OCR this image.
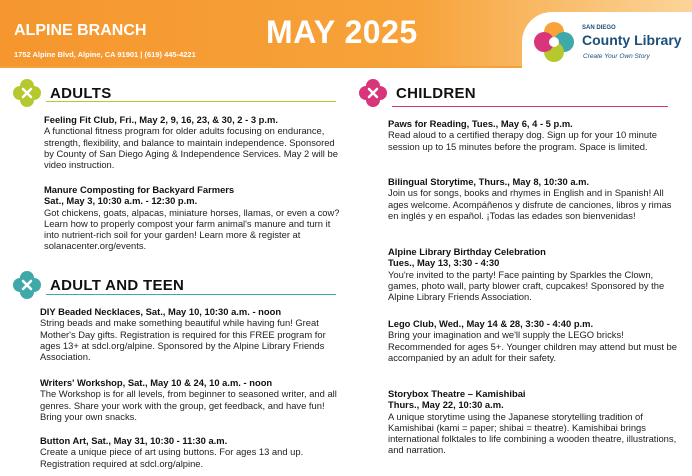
ALPINE BRANCH
1752 Alpine Blvd, Alpine, CA 91901 | (619) 445-4221
MAY 2025	SAN DIEGO
County Library
Create Your Own Story
ADULTS
Feeling Fit Club, Fri., May 2, 9, 16, 23, & 30, 2 - 3 p.m.

A functional fitness program for older adults focusing on endurance, strength, flexibility, and balance to maintain independence. Sponsored by County of San Diego Aging & Independence Services. May 2 will be video instruction.

Manure Composting for Backyard Farmers
Sat., May 3, 10:30 a.m. - 12:30 p.m.

Got chickens, goats, alpacas, miniature horses, llamas, or even a cow? Learn how to properly compost your farm animal's manure and turn it into nutrient-rich soil for your garden! Learn more & register at solanacenter.org/events.

ADULT AND TEEN
DIY Beaded Necklaces, Sat., May 10, 10:30 a.m. - noon

String beads and make something beautiful while having fun! Great Mother's Day gifts. Registration is required for this FREE program for ages 13+ at sdcl.org/alpine. Sponsored by the Alpine Library Friends Association.

Writers' Workshop, Sat., May 10 & 24, 10 a.m. - noon

The Workshop is for all levels, from beginner to seasoned writer, and all genres. Share your work with the group, get feedback, and have fun! Bring your own snacks.

Button Art, Sat., May 31, 10:30 - 11:30 a.m.

Create a unique piece of art using buttons. For ages 13 and up. Registration required at sdcl.org/alpine.

CHILDREN
Paws for Reading, Tues., May 6, 4 - 5 p.m.

Read aloud to a certified therapy dog. Sign up for your 10 minute session up to 15 minutes before the program. Space is limited.

Bilingual Storytime, Thurs., May 8, 10:30 a.m.

Join us for songs, books and rhymes in English and in Spanish! All ages welcome. Acompáñenos y disfrute de canciones, libros y rimas en inglés y en español. ¡Todas las edades son bienvenidas!

Alpine Library Birthday Celebration
Tues., May 13, 3:30 - 4:30

You're invited to the party! Face painting by Sparkles the Clown, games, photo wall, party blower craft, cupcakes! Sponsored by the Alpine Library Friends Association.

Lego Club, Wed., May 14 & 28, 3:30 - 4:40 p.m.

Bring your imagination and we'll supply the LEGO bricks! Recommended for ages 5+. Younger children may attend but must be accompanied by an adult for their safety.

Storybox Theatre – Kamishibai
Thurs., May 22, 10:30 a.m.

A unique storytime using the Japanese storytelling tradition of Kamishibai (kami = paper; shibai = theatre). Kamishibai brings international folktales to life combining a wooden theatre, illustrations, and narration.
